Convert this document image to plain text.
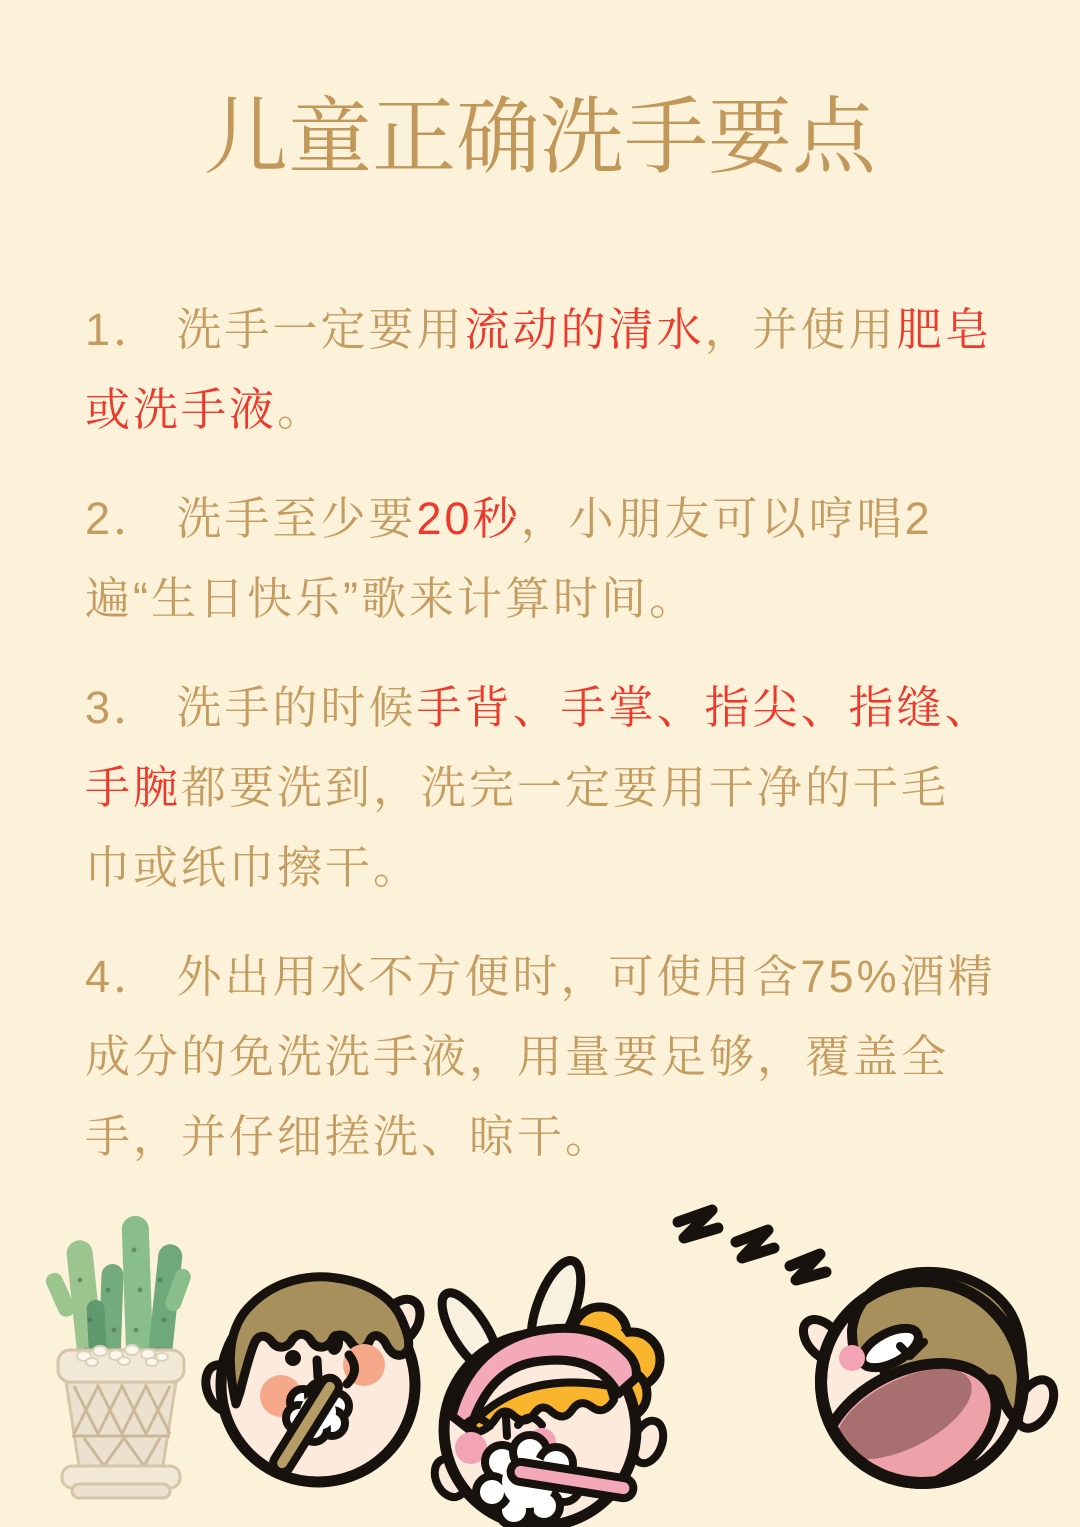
儿童正确洗手要点
1． 洗手一定要用流动的清水，并使用肥皂
或洗手液。
2． 洗手至少要20秒，小朋友可以哼唱2
遍“生日快乐”歌来计算时间。
3． 洗手的时候手背、手掌、指尖、指缝、
手腕都要洗到，洗完一定要用干净的干毛
巾或纸巾擦干。
4． 外出用水不方便时，可使用含75%酒精
成分的免洗洗手液，用量要足够，覆盖全
手，并仔细搓洗、晾干。
